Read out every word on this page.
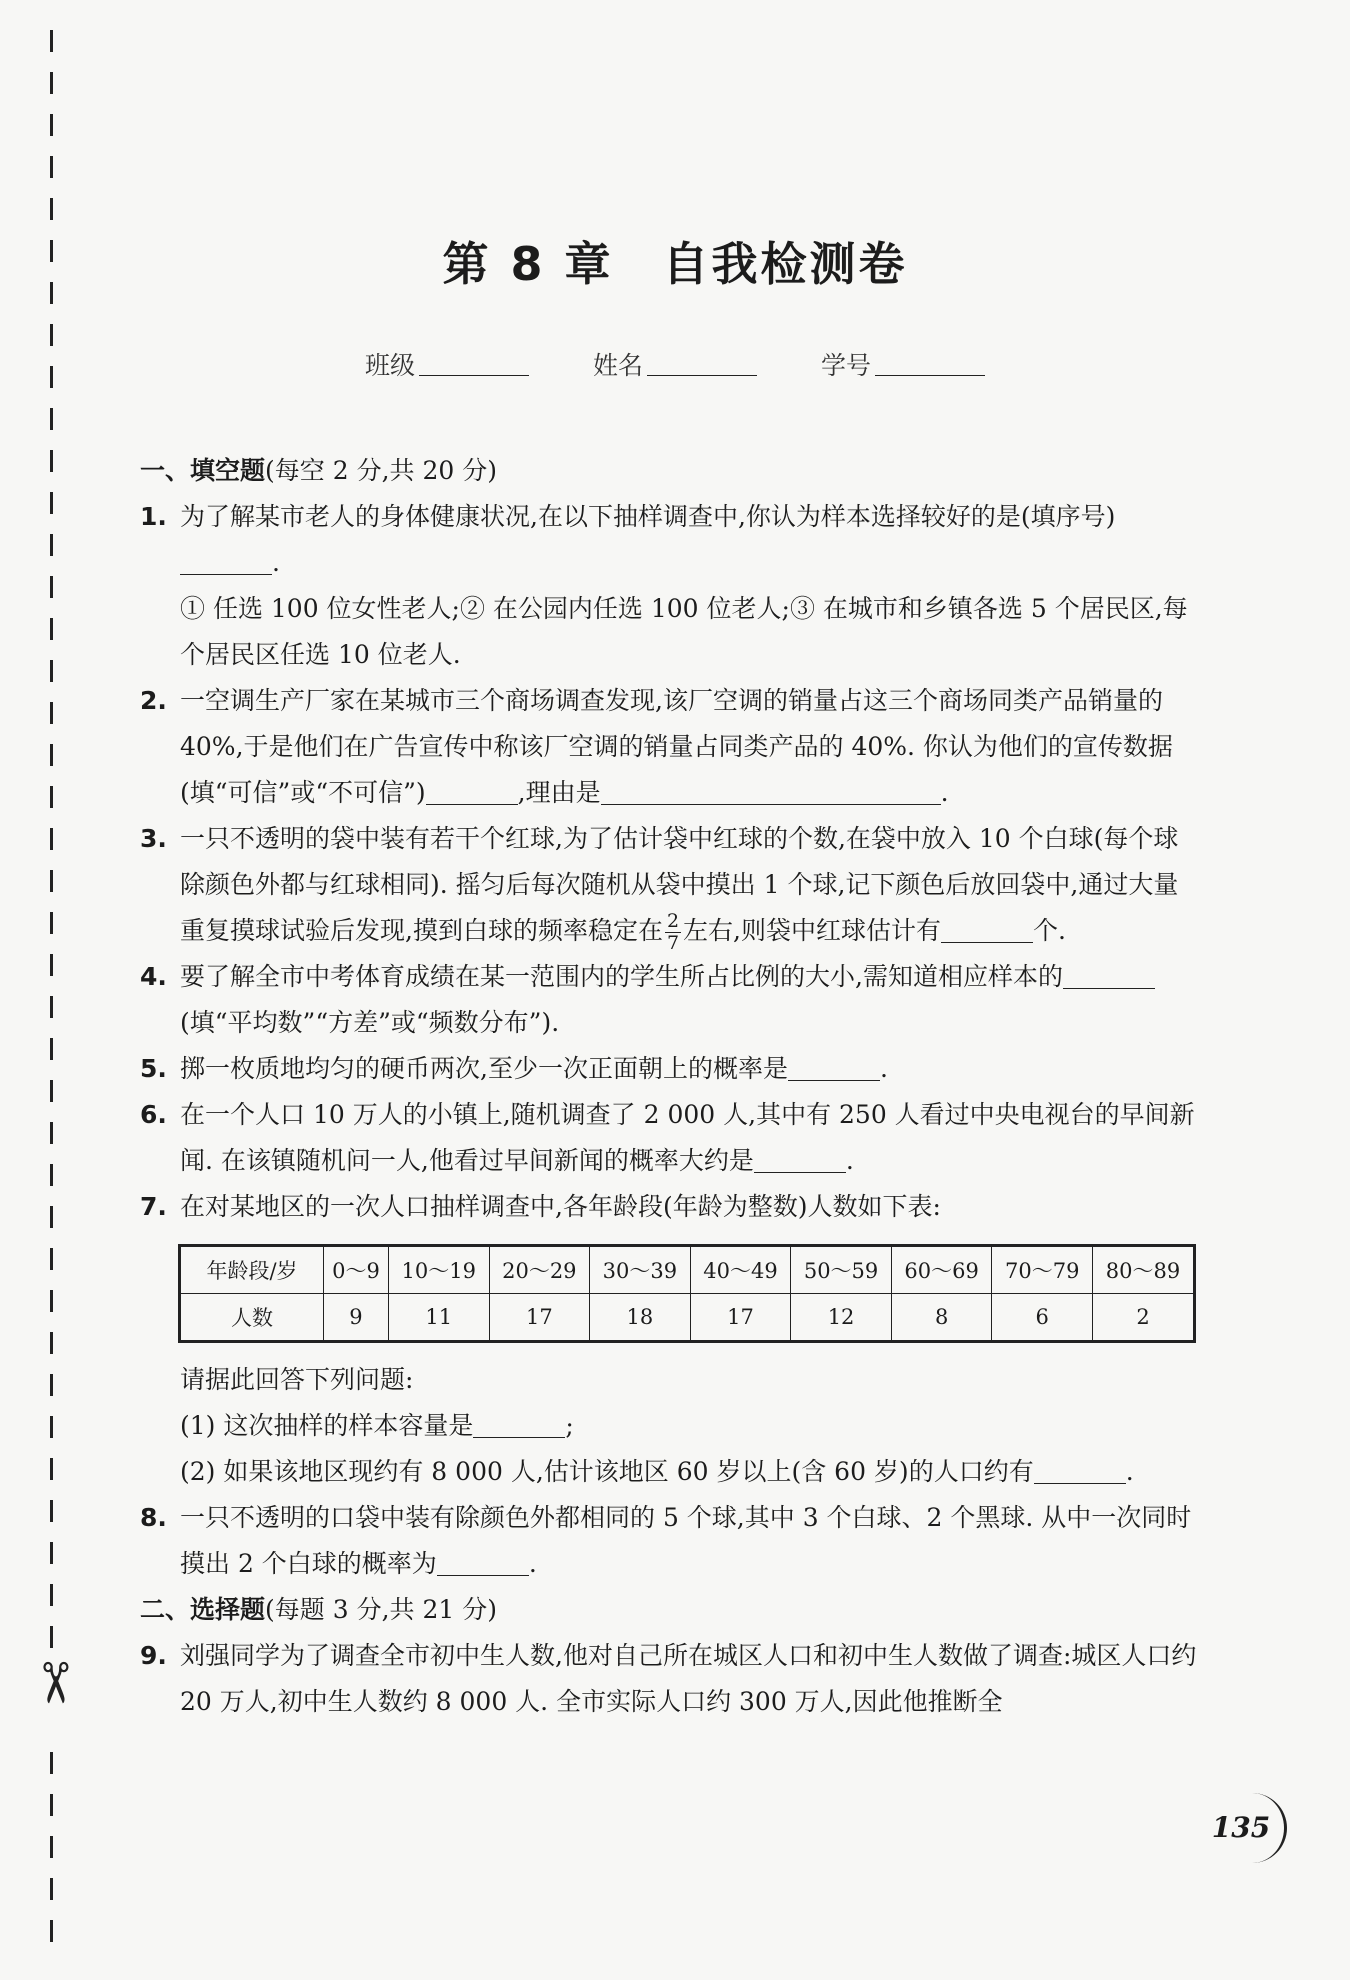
✂
第 8 章　自我检测卷
班级	姓名	学号

一、填空题(每空 2 分,共 20 分)

1. 为了解某市老人的身体健康状况,在以下抽样调查中,你认为样本选择较好的是(填序号).
① 任选 100 位女性老人;② 在公园内任选 100 位老人;③ 在城市和乡镇各选 5 个居民区,每个居民区任选 10 位老人.
2. 一空调生产厂家在某城市三个商场调查发现,该厂空调的销量占这三个商场同类产品销量的 40%,于是他们在广告宣传中称该厂空调的销量占同类产品的 40%. 你认为他们的宣传数据(填“可信”或“不可信”)	,理由是	.
3. 一只不透明的袋中装有若干个红球,为了估计袋中红球的个数,在袋中放入 10 个白球(每个球除颜色外都与红球相同). 摇匀后每次随机从袋中摸出 1 个球,记下颜色后放回袋中,通过大量重复摸球试验后发现,摸到白球的频率稳定在 $\frac{2}{7}$ 左右,则袋中红球估计有	个.
4. 要了解全市中考体育成绩在某一范围内的学生所占比例的大小,需知道相应样本的(填“平均数”“方差”或“频数分布”).
5. 掷一枚质地均匀的硬币两次,至少一次正面朝上的概率是	.
6. 在一个人口 10 万人的小镇上,随机调查了 2 000 人,其中有 250 人看过中央电视台的早间新闻. 在该镇随机问一人,他看过早间新闻的概率大约是	.
7. 在对某地区的一次人口抽样调查中,各年龄段(年龄为整数)人数如下表:
年龄段/岁	0～9	10～19	20～29	30～39	40～49	50～59	60～69	70～79	80～89
人数	9	11	17	18	17	12	8	6	2
请据此回答下列问题:
(1) 这次抽样的样本容量是	;
(2) 如果该地区现约有 8 000 人,估计该地区 60 岁以上(含 60 岁)的人口约有	.
8. 一只不透明的口袋中装有除颜色外都相同的 5 个球,其中 3 个白球、2 个黑球. 从中一次同时摸出 2 个白球的概率为	.

二、选择题(每题 3 分,共 21 分)

9. 刘强同学为了调查全市初中生人数,他对自己所在城区人口和初中生人数做了调查:城区人口约 20 万人,初中生人数约 8 000 人. 全市实际人口约 300 万人,因此他推断全
135
